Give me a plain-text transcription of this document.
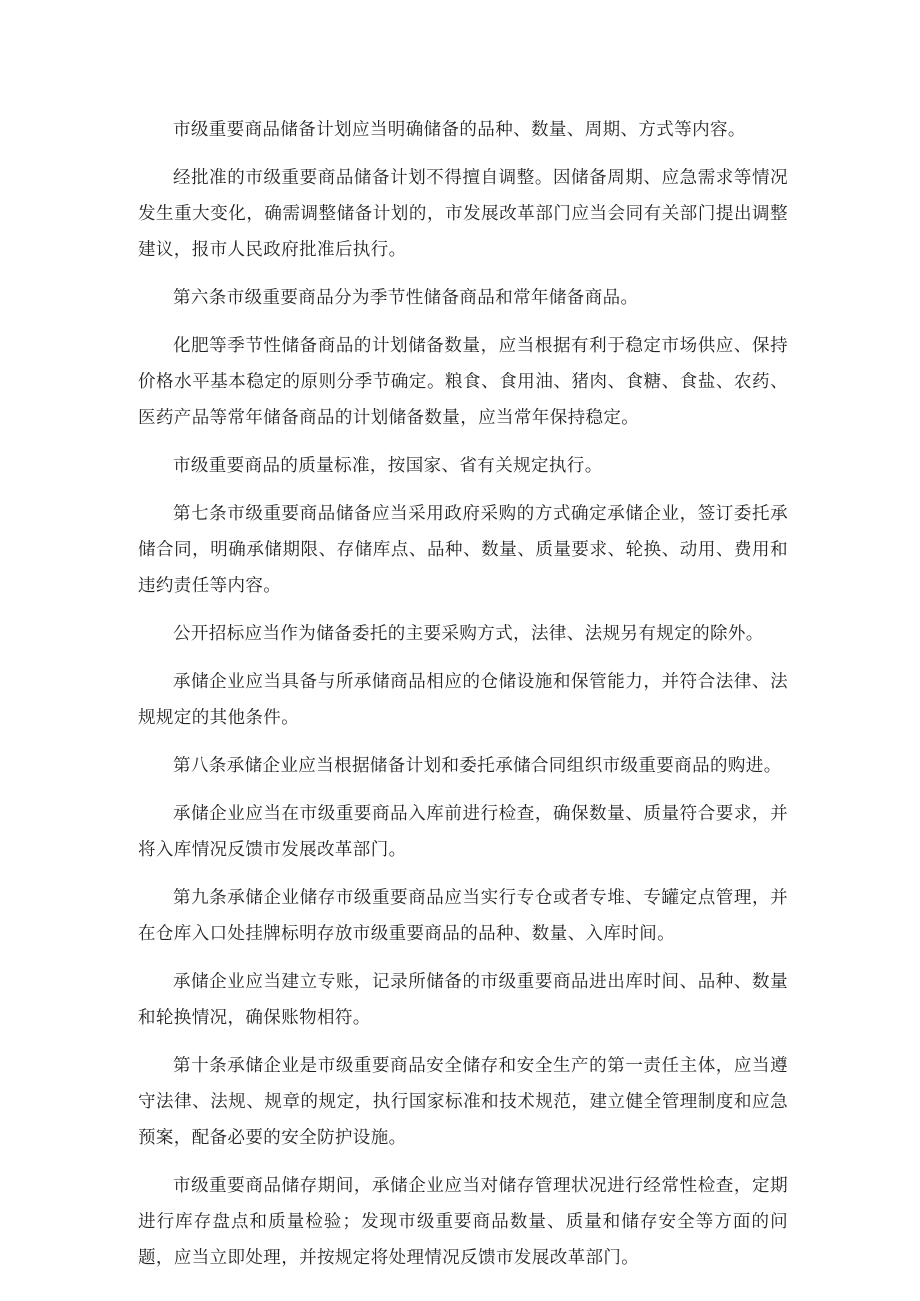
市级重要商品储备计划应当明确储备的品种、数量、周期、方式等内容。

经批准的市级重要商品储备计划不得擅自调整。因储备周期、应急需求等情况发生重大变化，确需调整储备计划的，市发展改革部门应当会同有关部门提出调整建议，报市人民政府批准后执行。

第六条市级重要商品分为季节性储备商品和常年储备商品。

化肥等季节性储备商品的计划储备数量，应当根据有利于稳定市场供应、保持价格水平基本稳定的原则分季节确定。粮食、食用油、猪肉、食糖、食盐、农药、医药产品等常年储备商品的计划储备数量，应当常年保持稳定。

市级重要商品的质量标准，按国家、省有关规定执行。

第七条市级重要商品储备应当采用政府采购的方式确定承储企业，签订委托承储合同，明确承储期限、存储库点、品种、数量、质量要求、轮换、动用、费用和违约责任等内容。

公开招标应当作为储备委托的主要采购方式，法律、法规另有规定的除外。

承储企业应当具备与所承储商品相应的仓储设施和保管能力，并符合法律、法规规定的其他条件。

第八条承储企业应当根据储备计划和委托承储合同组织市级重要商品的购进。

承储企业应当在市级重要商品入库前进行检查，确保数量、质量符合要求，并将入库情况反馈市发展改革部门。

第九条承储企业储存市级重要商品应当实行专仓或者专堆、专罐定点管理，并在仓库入口处挂牌标明存放市级重要商品的品种、数量、入库时间。

承储企业应当建立专账，记录所储备的市级重要商品进出库时间、品种、数量和轮换情况，确保账物相符。

第十条承储企业是市级重要商品安全储存和安全生产的第一责任主体，应当遵守法律、法规、规章的规定，执行国家标准和技术规范，建立健全管理制度和应急预案，配备必要的安全防护设施。

市级重要商品储存期间，承储企业应当对储存管理状况进行经常性检查，定期进行库存盘点和质量检验；发现市级重要商品数量、质量和储存安全等方面的问题，应当立即处理，并按规定将处理情况反馈市发展改革部门。
